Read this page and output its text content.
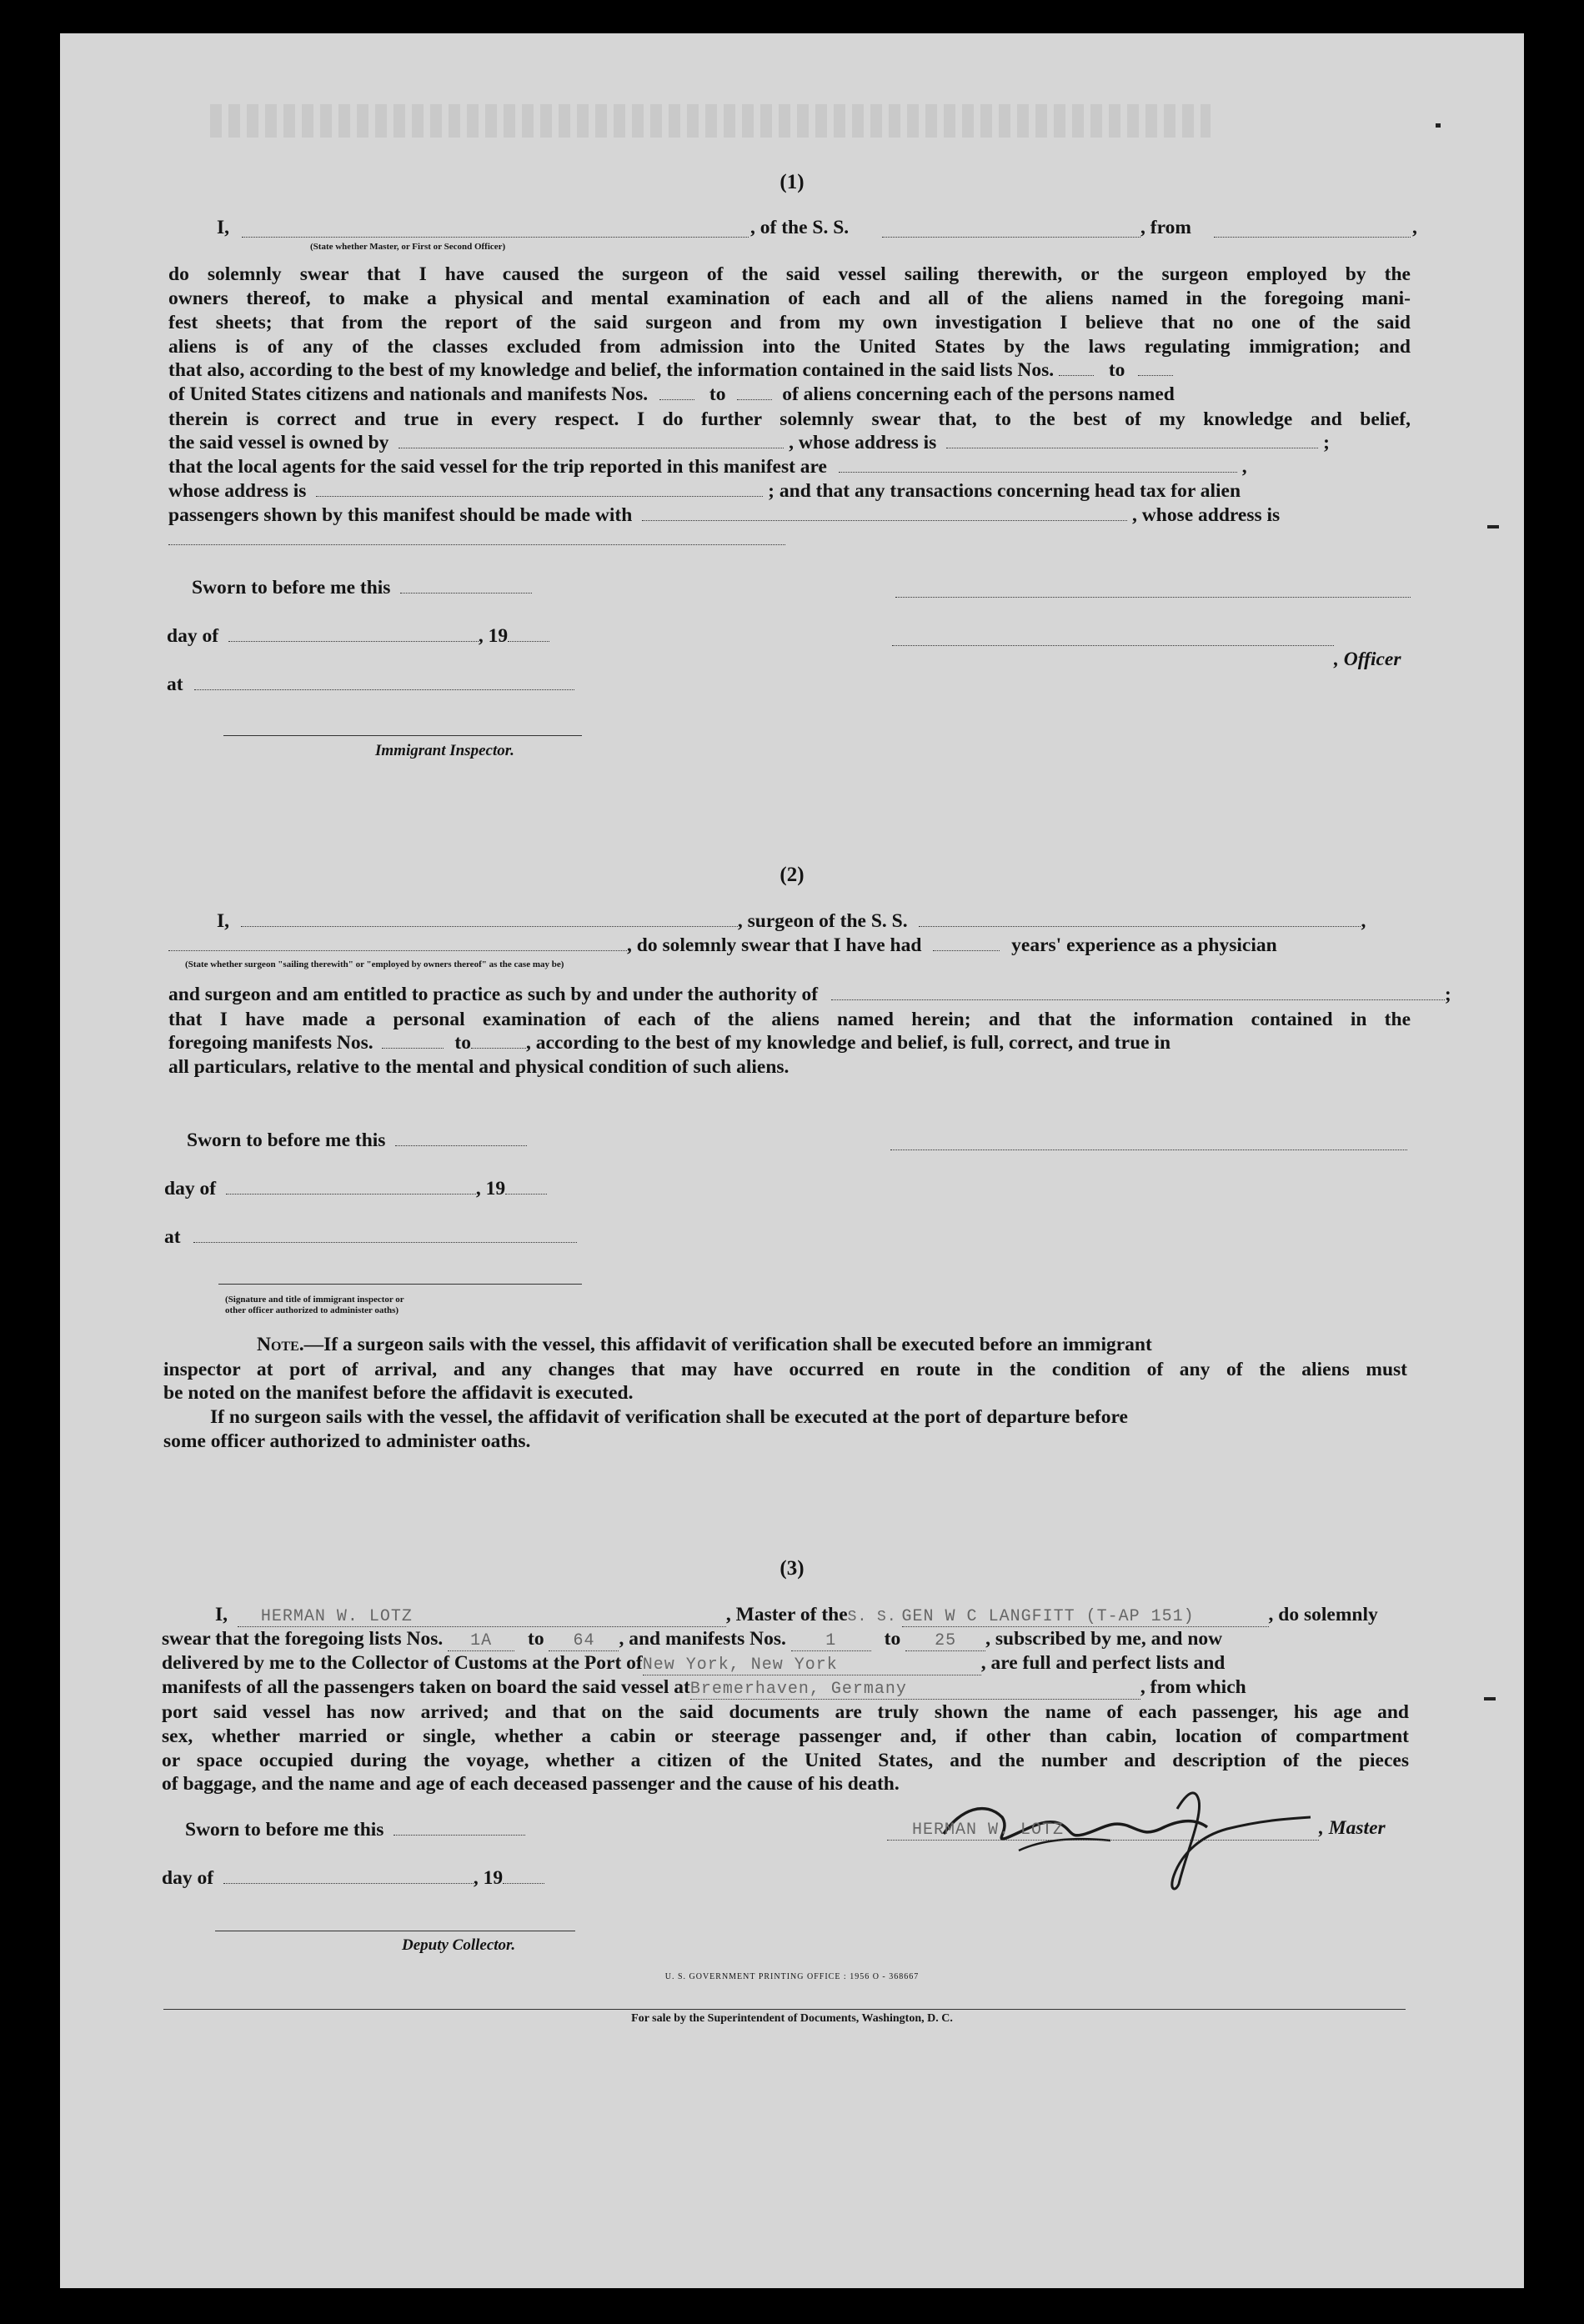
(1)
I,
(State whether Master, or First or Second Officer)
, of the S. S.	, from	,
do solemnly swear that I have caused the surgeon of the said vessel sailing therewith, or the surgeon employed by the
owners thereof, to make a physical and mental examination of each and all of the aliens named in the foregoing mani-
fest sheets; that from the report of the said surgeon and from my own investigation I believe that no one of the said
aliens is of any of the classes excluded from admission into the United States by the laws regulating immigration; and
that also, according to the best of my knowledge and belief, the information contained in the said lists Nos.	to
of United States citizens and nationals and manifests Nos.	to	of aliens concerning each of the persons named
therein is correct and true in every respect. I do further solemnly swear that, to the best of my knowledge and belief,
the said vessel is owned by	, whose address is	;
that the local agents for the said vessel for the trip reported in this manifest are	,
whose address is	; and that any transactions concerning head tax for alien
passengers shown by this manifest should be made with	, whose address is
Sworn to before me this
day of	, 19
, Officer
at
Immigrant Inspector.
(2)
I,	, surgeon of the S. S.	,
, do solemnly swear that I have had	years' experience as a physician
(State whether surgeon "sailing therewith" or "employed by owners thereof" as the case may be)
and surgeon and am entitled to practice as such by and under the authority of	;
that I have made a personal examination of each of the aliens named herein; and that the information contained in the
foregoing manifests Nos.	to	, according to the best of my knowledge and belief, is full, correct, and true in
all particulars, relative to the mental and physical condition of such aliens.
Sworn to before me this
day of	, 19
at
(Signature and title of immigrant inspector or other officer authorized to administer oaths)
Note.—If a surgeon sails with the vessel, this affidavit of verification shall be executed before an immigrant
inspector at port of arrival, and any changes that may have occurred en route in the condition of any of the aliens must
be noted on the manifest before the affidavit is executed.
If no surgeon sails with the vessel, the affidavit of verification shall be executed at the port of departure before
some officer authorized to administer oaths.
(3)
I, HERMAN W. LOTZ	, Master of theS. S. GEN W C LANGFITT (T-AP 151)	, do solemnly
swear that the foregoing lists Nos. 1A to 64 , and manifests Nos. 1 to 25 , subscribed by me, and now
delivered by me to the Collector of Customs at the Port ofNew York, New York	, are full and perfect lists and
manifests of all the passengers taken on board the said vessel atBremerhaven, Germany	, from which
port said vessel has now arrived; and that on the said documents are truly shown the name of each passenger, his age and
sex, whether married or single, whether a cabin or steerage passenger and, if other than cabin, location of compartment
or space occupied during the voyage, whether a citizen of the United States, and the number and description of the pieces
of baggage, and the name and age of each deceased passenger and the cause of his death.
Sworn to before me this	HERMAN W. LOTZ	, Master
day of	, 19
Deputy Collector.
U. S. GOVERNMENT PRINTING OFFICE : 1956 O - 368667
For sale by the Superintendent of Documents, Washington, D. C.
